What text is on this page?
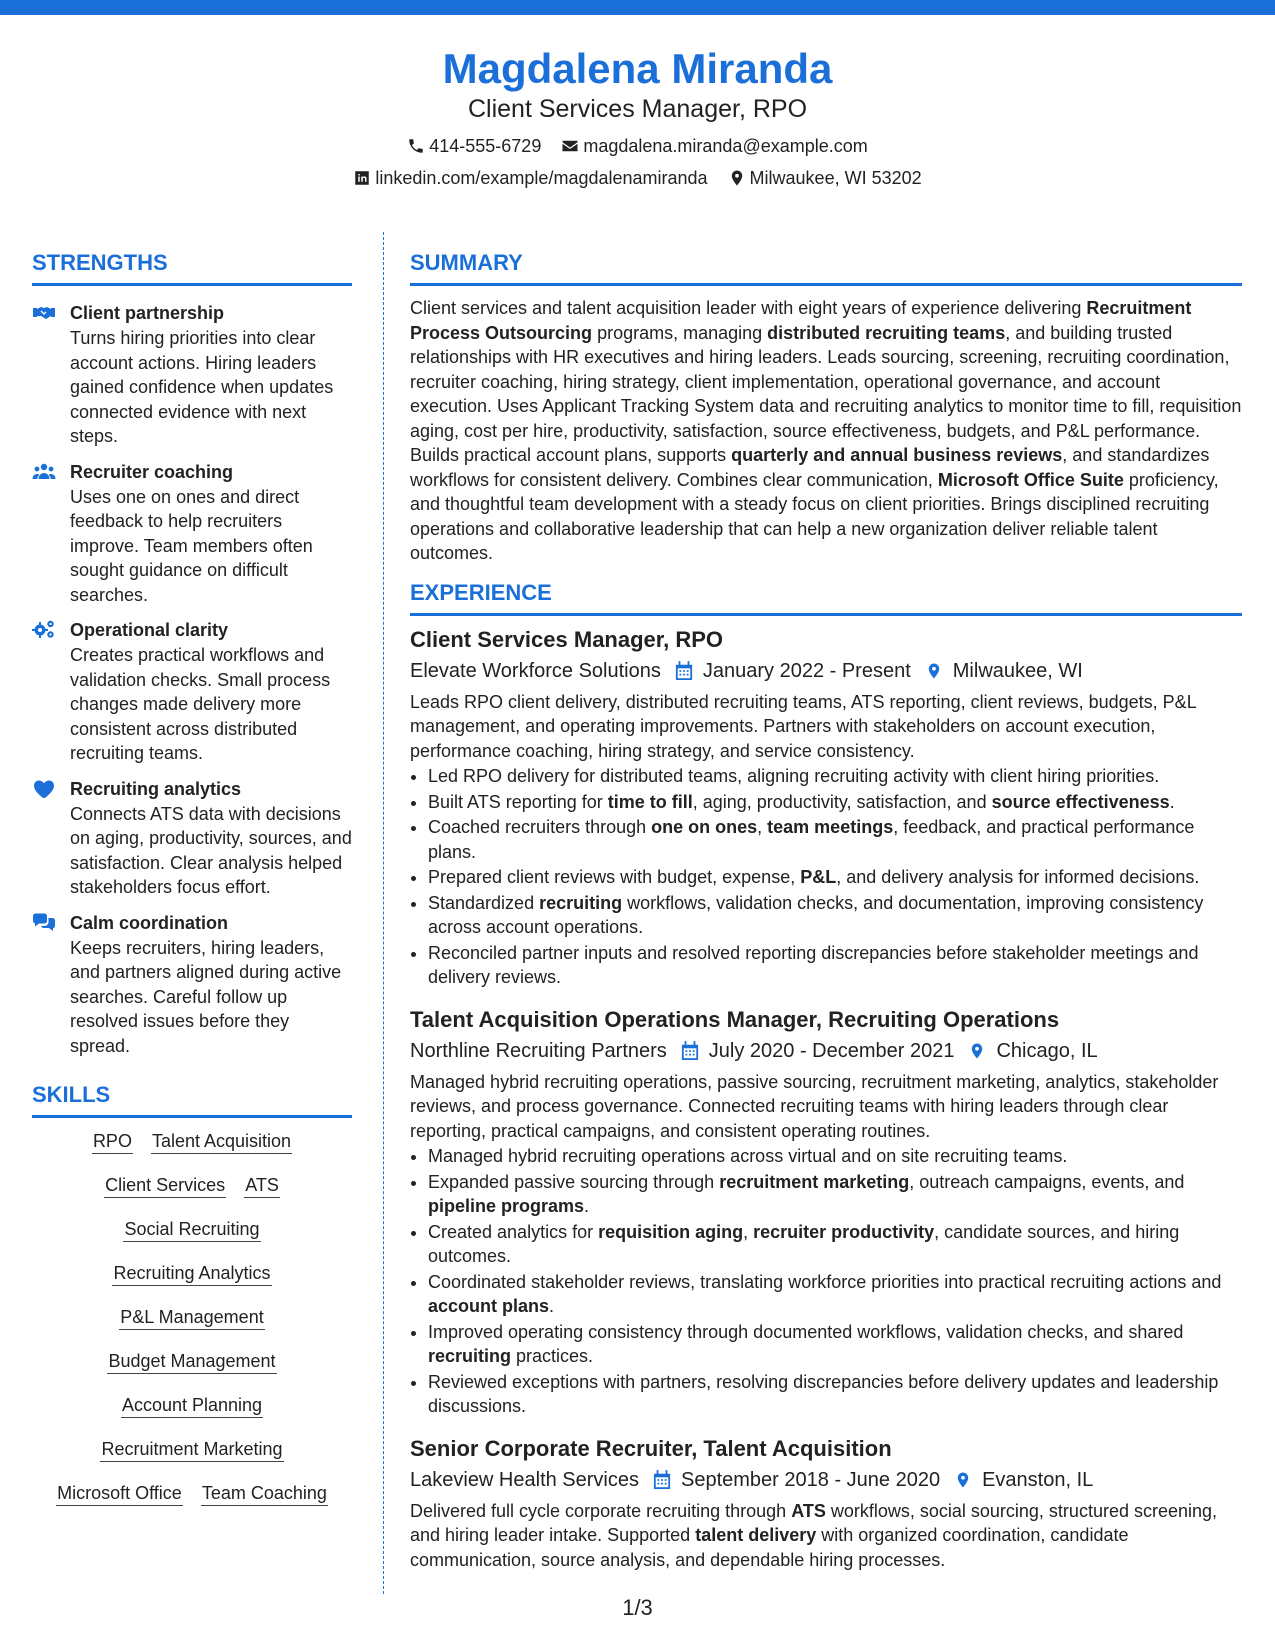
Magdalena Miranda
Client Services Manager, RPO
414-555-6729 magdalena.miranda@example.com
linkedin.com/example/magdalenamiranda Milwaukee, WI 53202
STRENGTHS
Client partnership
Turns hiring priorities into clear account actions. Hiring leaders gained confidence when updates connected evidence with next steps.
Recruiter coaching
Uses one on ones and direct feedback to help recruiters improve. Team members often sought guidance on difficult searches.
Operational clarity
Creates practical workflows and validation checks. Small process changes made delivery more consistent across distributed recruiting teams.
Recruiting analytics
Connects ATS data with decisions on aging, productivity, sources, and satisfaction. Clear analysis helped stakeholders focus effort.
Calm coordination
Keeps recruiters, hiring leaders, and partners aligned during active searches. Careful follow up resolved issues before they spread.
SKILLS
RPO Talent Acquisition
Client Services ATS
Social Recruiting
Recruiting Analytics
P&L Management
Budget Management
Account Planning
Recruitment Marketing
Microsoft Office Team Coaching
SUMMARY
Client services and talent acquisition leader with eight years of experience delivering Recruitment Process Outsourcing programs, managing distributed recruiting teams, and building trusted relationships with HR executives and hiring leaders. Leads sourcing, screening, recruiting coordination, recruiter coaching, hiring strategy, client implementation, operational governance, and account execution. Uses Applicant Tracking System data and recruiting analytics to monitor time to fill, requisition aging, cost per hire, productivity, satisfaction, source effectiveness, budgets, and P&L performance. Builds practical account plans, supports quarterly and annual business reviews, and standardizes workflows for consistent delivery. Combines clear communication, Microsoft Office Suite proficiency, and thoughtful team development with a steady focus on client priorities. Brings disciplined recruiting operations and collaborative leadership that can help a new organization deliver reliable talent outcomes.
EXPERIENCE
Client Services Manager, RPO
Elevate Workforce Solutions January 2022 - Present Milwaukee, WI
Leads RPO client delivery, distributed recruiting teams, ATS reporting, client reviews, budgets, P&L management, and operating improvements. Partners with stakeholders on account execution, performance coaching, hiring strategy, and service consistency.
• Led RPO delivery for distributed teams, aligning recruiting activity with client hiring priorities.
• Built ATS reporting for time to fill, aging, productivity, satisfaction, and source effectiveness.
• Coached recruiters through one on ones, team meetings, feedback, and practical performance plans.
• Prepared client reviews with budget, expense, P&L, and delivery analysis for informed decisions.
• Standardized recruiting workflows, validation checks, and documentation, improving consistency across account operations.
• Reconciled partner inputs and resolved reporting discrepancies before stakeholder meetings and delivery reviews.
Talent Acquisition Operations Manager, Recruiting Operations
Northline Recruiting Partners July 2020 - December 2021 Chicago, IL
Managed hybrid recruiting operations, passive sourcing, recruitment marketing, analytics, stakeholder reviews, and process governance. Connected recruiting teams with hiring leaders through clear reporting, practical campaigns, and consistent operating routines.
• Managed hybrid recruiting operations across virtual and on site recruiting teams.
• Expanded passive sourcing through recruitment marketing, outreach campaigns, events, and pipeline programs.
• Created analytics for requisition aging, recruiter productivity, candidate sources, and hiring outcomes.
• Coordinated stakeholder reviews, translating workforce priorities into practical recruiting actions and account plans.
• Improved operating consistency through documented workflows, validation checks, and shared recruiting practices.
• Reviewed exceptions with partners, resolving discrepancies before delivery updates and leadership discussions.
Senior Corporate Recruiter, Talent Acquisition
Lakeview Health Services September 2018 - June 2020 Evanston, IL
Delivered full cycle corporate recruiting through ATS workflows, social sourcing, structured screening, and hiring leader intake. Supported talent delivery with organized coordination, candidate communication, source analysis, and dependable hiring processes.
1/3
